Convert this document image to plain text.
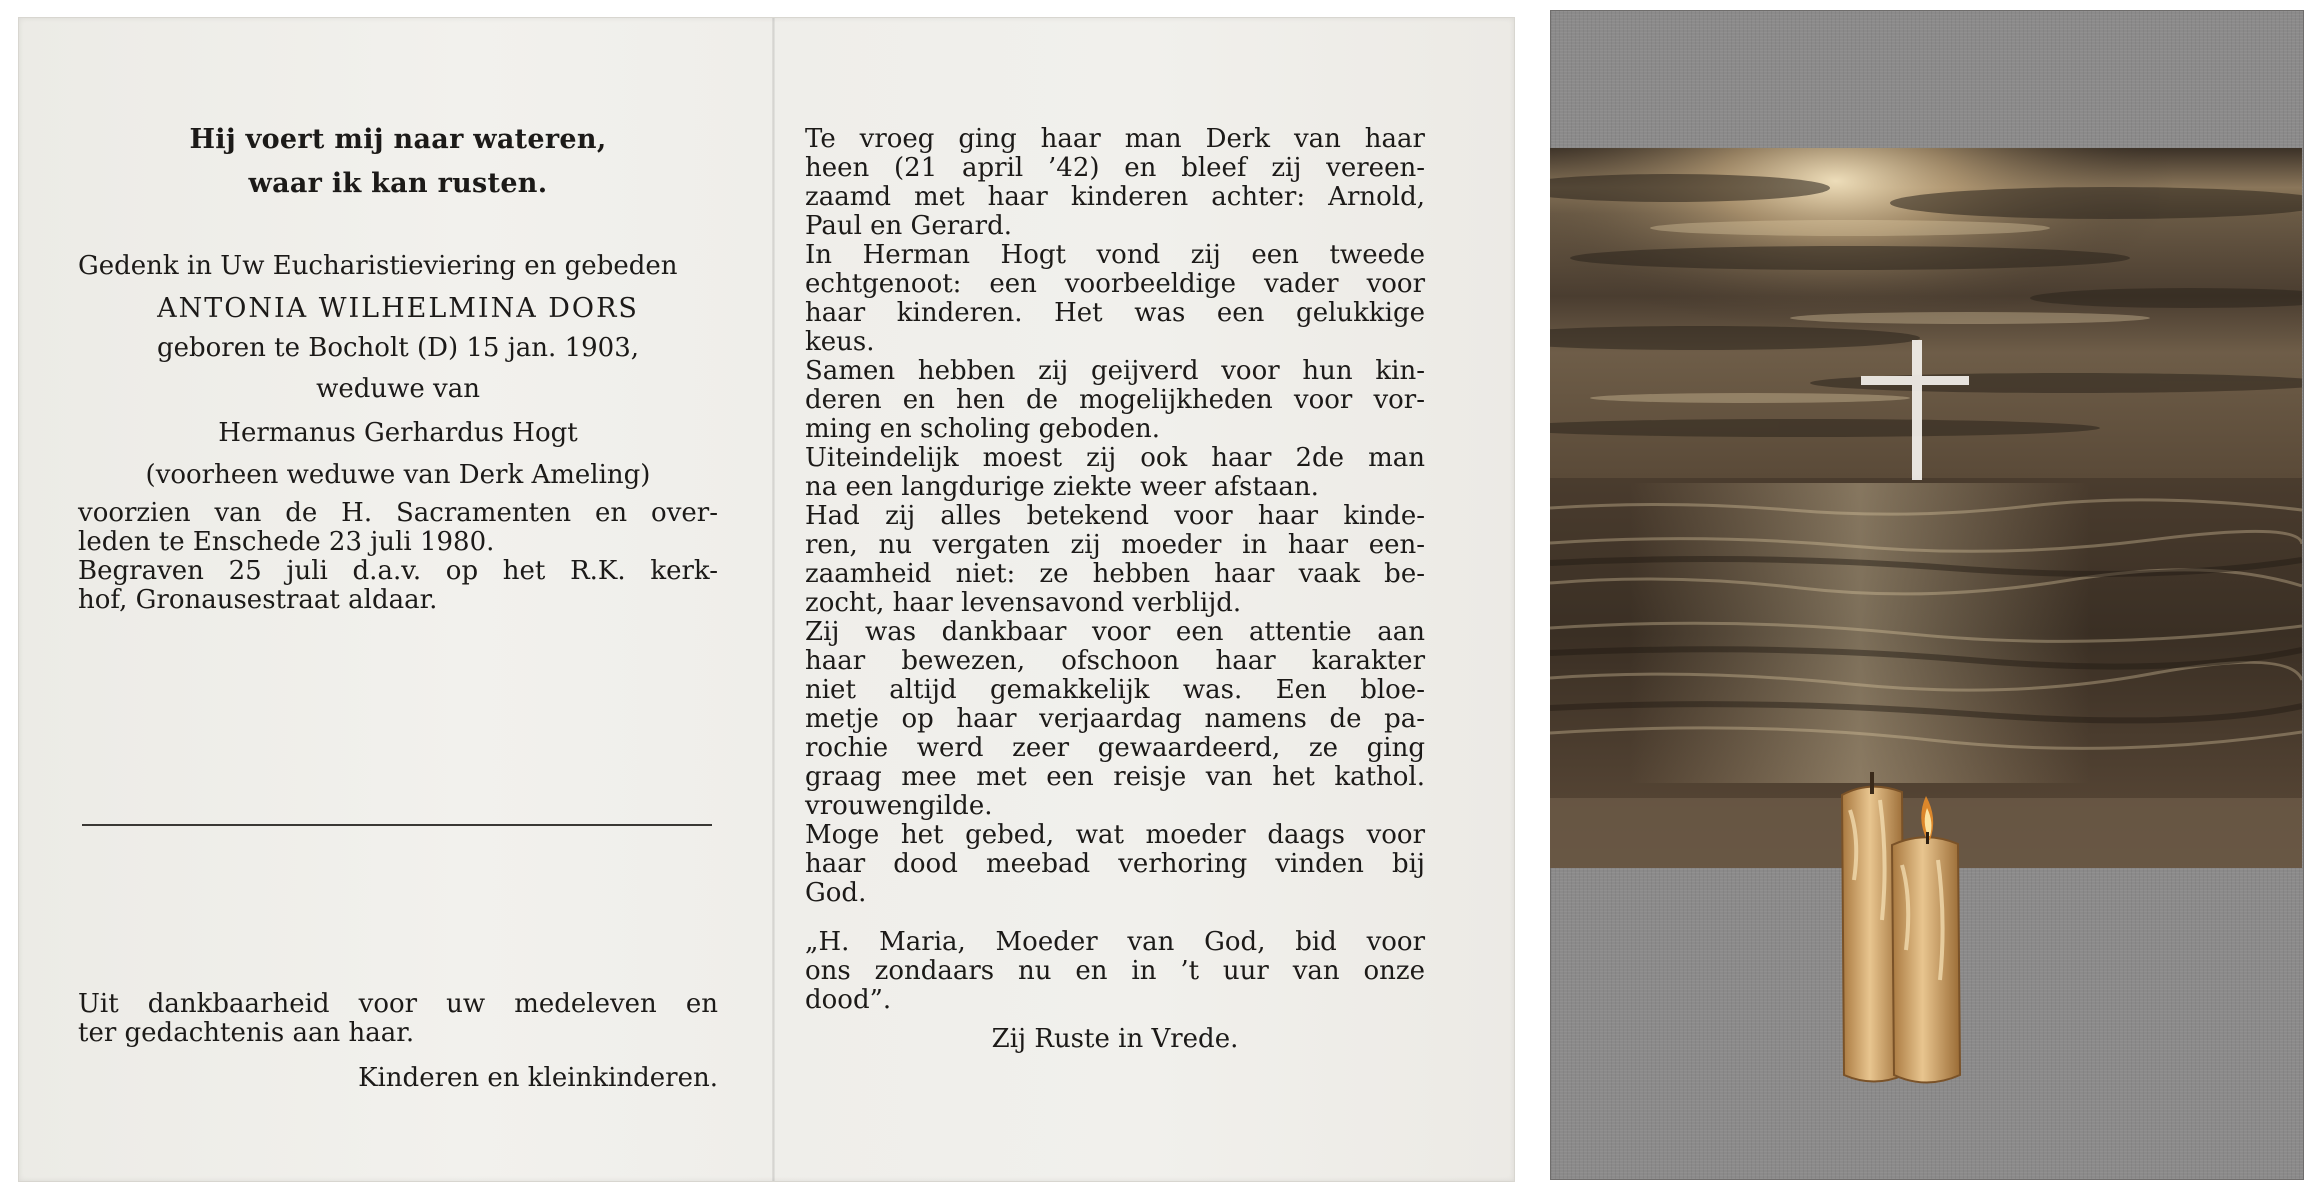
Hij voert mij naar wateren,
waar ik kan rusten.

Gedenk in Uw Eucharistieviering en gebeden

ANTONIA WILHELMINA DORS
geboren te Bocholt (D) 15 jan. 1903,
weduwe van
Hermanus Gerhardus Hogt
(voorheen weduwe van Derk Ameling)

voorzien van de H. Sacramenten en over-

leden te Enschede 23 juli 1980.

Begraven 25 juli d.a.v. op het R.K. kerk-

hof, Gronausestraat aldaar.

Uit dankbaarheid voor uw medeleven en

ter gedachtenis aan haar.

Kinderen en kleinkinderen.

Te vroeg ging haar man Derk van haar

heen (21 april ’42) en bleef zij vereen-

zaamd met haar kinderen achter: Arnold,

Paul en Gerard.

In Herman Hogt vond zij een tweede

echtgenoot: een voorbeeldige vader voor

haar kinderen. Het was een gelukkige

keus.

Samen hebben zij geijverd voor hun kin-

deren en hen de mogelijkheden voor vor-

ming en scholing geboden.

Uiteindelijk moest zij ook haar 2de man

na een langdurige ziekte weer afstaan.

Had zij alles betekend voor haar kinde-

ren, nu vergaten zij moeder in haar een-

zaamheid niet: ze hebben haar vaak be-

zocht, haar levensavond verblijd.

Zij was dankbaar voor een attentie aan

haar bewezen, ofschoon haar karakter

niet altijd gemakkelijk was. Een bloe-

metje op haar verjaardag namens de pa-

rochie werd zeer gewaardeerd, ze ging

graag mee met een reisje van het kathol.

vrouwengilde.

Moge het gebed, wat moeder daags voor

haar dood meebad verhoring vinden bij

God.

„H. Maria, Moeder van God, bid voor

ons zondaars nu en in ’t uur van onze

dood”.

Zij Ruste in Vrede.
